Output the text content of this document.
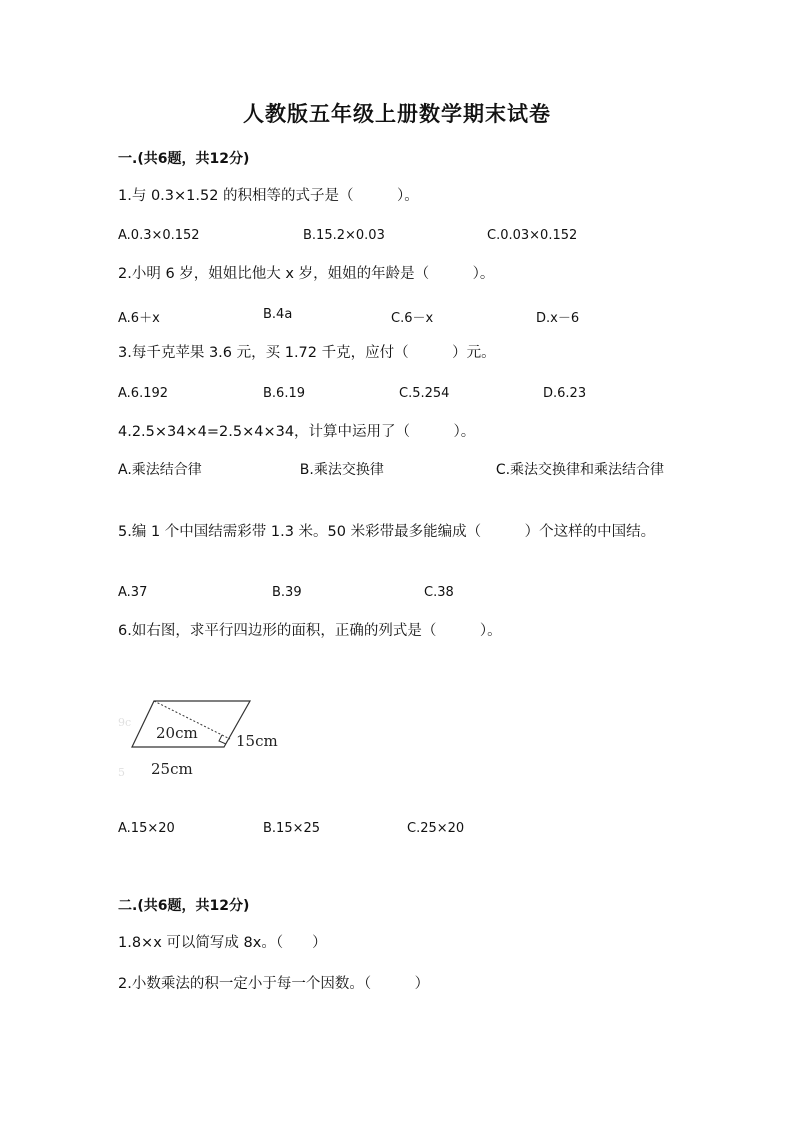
人教版五年级上册数学期末试卷
一.(共6题，共12分)
1.与 0.3×1.52 的积相等的式子是（　　　）。
A.0.3×0.152	B.15.2×0.03	C.0.03×0.152
2.小明 6 岁，姐姐比他大 x 岁，姐姐的年龄是（　　　）。
A.6＋x	B.4a	C.6－x	D.x－6
3.每千克苹果 3.6 元，买 1.72 千克，应付（　　　）元。
A.6.192	B.6.19	C.5.254	D.6.23
4.2.5×34×4=2.5×4×34，计算中运用了（　　　）。
A.乘法结合律　　　　　　　B.乘法交换律　　　　　　　　C.乘法交换律和乘法结合律
5.编 1 个中国结需彩带 1.3 米。50 米彩带最多能编成（　　　）个这样的中国结。
A.37	B.39	C.38
6.如右图，求平行四边形的面积，正确的列式是（　　　）。
9c
5
20cm	15cm
25cm
A.15×20	B.15×25	C.25×20
二.(共6题，共12分)
1.8×x 可以简写成 8x。（　　）
2.小数乘法的积一定小于每一个因数。（　　　）
